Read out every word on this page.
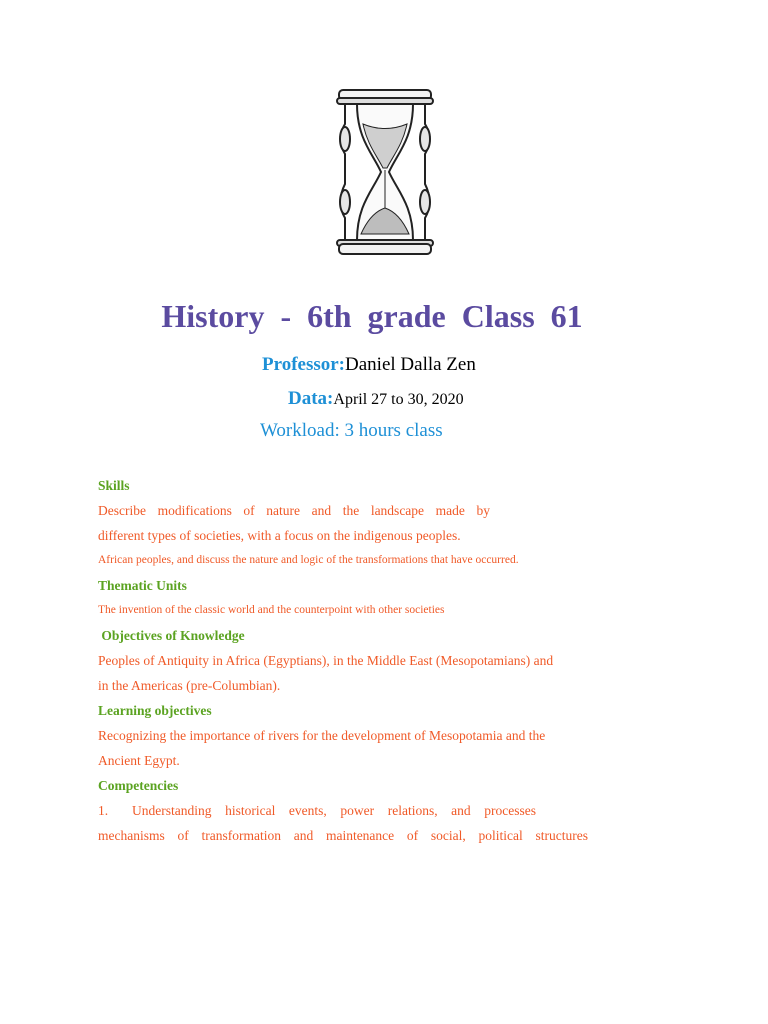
History - 6th grade Class 61
Professor:Daniel Dalla Zen
Data:April 27 to 30, 2020
Workload: 3 hours class
Skills
Describe modifications of nature and the landscape made by
different types of societies, with a focus on the indigenous peoples.
African peoples, and discuss the nature and logic of the transformations that have occurred.
Thematic Units
The invention of the classic world and the counterpoint with other societies
Objectives of Knowledge
Peoples of Antiquity in Africa (Egyptians), in the Middle East (Mesopotamians) and
in the Americas (pre-Columbian).
Learning objectives
Recognizing the importance of rivers for the development of Mesopotamia and the
Ancient Egypt.
Competencies
1.	Understanding historical events, power relations, and processes
mechanisms of transformation and maintenance of social, political structures
